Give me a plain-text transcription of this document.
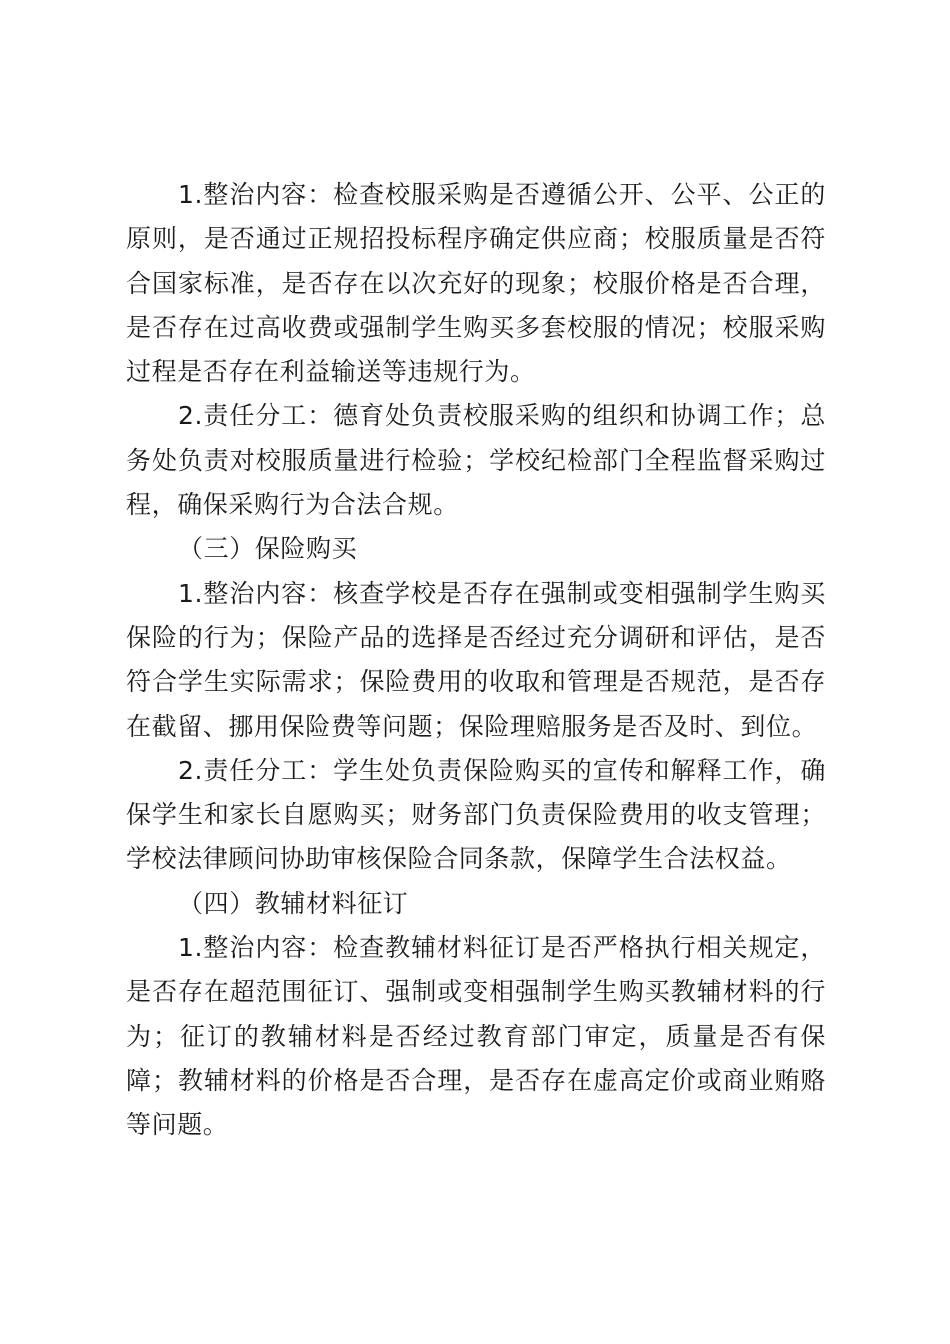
1.整治内容：检查校服采购是否遵循公开、公平、公正的原则，是否通过正规招投标程序确定供应商；校服质量是否符合国家标准，是否存在以次充好的现象；校服价格是否合理，是否存在过高收费或强制学生购买多套校服的情况；校服采购过程是否存在利益输送等违规行为。

2.责任分工：德育处负责校服采购的组织和协调工作；总务处负责对校服质量进行检验；学校纪检部门全程监督采购过程，确保采购行为合法合规。

（三）保险购买

1.整治内容：核查学校是否存在强制或变相强制学生购买保险的行为；保险产品的选择是否经过充分调研和评估，是否符合学生实际需求；保险费用的收取和管理是否规范，是否存在截留、挪用保险费等问题；保险理赔服务是否及时、到位。

2.责任分工：学生处负责保险购买的宣传和解释工作，确保学生和家长自愿购买；财务部门负责保险费用的收支管理；学校法律顾问协助审核保险合同条款，保障学生合法权益。

（四）教辅材料征订

1.整治内容：检查教辅材料征订是否严格执行相关规定，是否存在超范围征订、强制或变相强制学生购买教辅材料的行为；征订的教辅材料是否经过教育部门审定，质量是否有保障；教辅材料的价格是否合理，是否存在虚高定价或商业贿赂等问题。
